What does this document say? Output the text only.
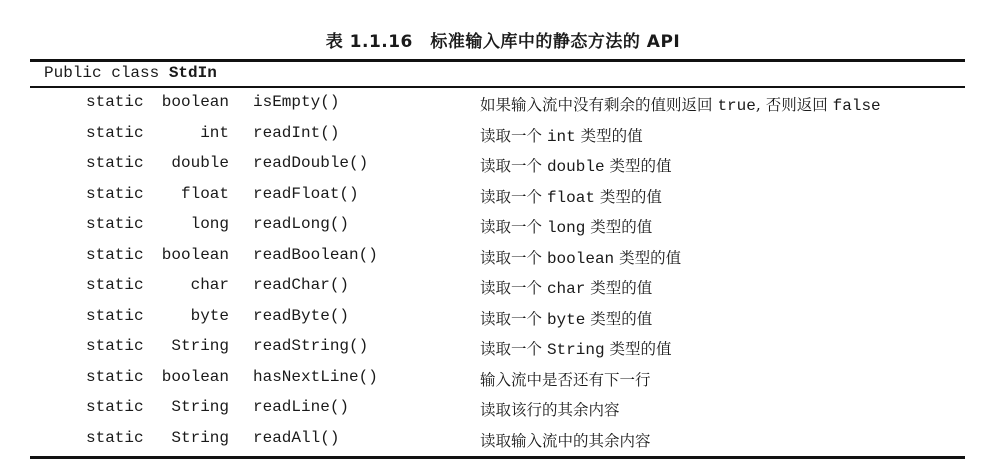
表 1.1.16　标准输入库中的静态方法的 API
Public class StdIn
static	boolean isEmpty()	如果输入流中没有剩余的值则返回 true, 否则返回 false
static	int readInt()	读取一个 int 类型的值
static	double readDouble()	读取一个 double 类型的值
static	float readFloat()	读取一个 float 类型的值
static	long readLong()	读取一个 long 类型的值
static	boolean readBoolean()	读取一个 boolean 类型的值
static	char readChar()	读取一个 char 类型的值
static	byte readByte()	读取一个 byte 类型的值
static	String readString()	读取一个 String 类型的值
static	boolean hasNextLine()	输入流中是否还有下一行
static	String readLine()	读取该行的其余内容
static	String readAll()	读取输入流中的其余内容
